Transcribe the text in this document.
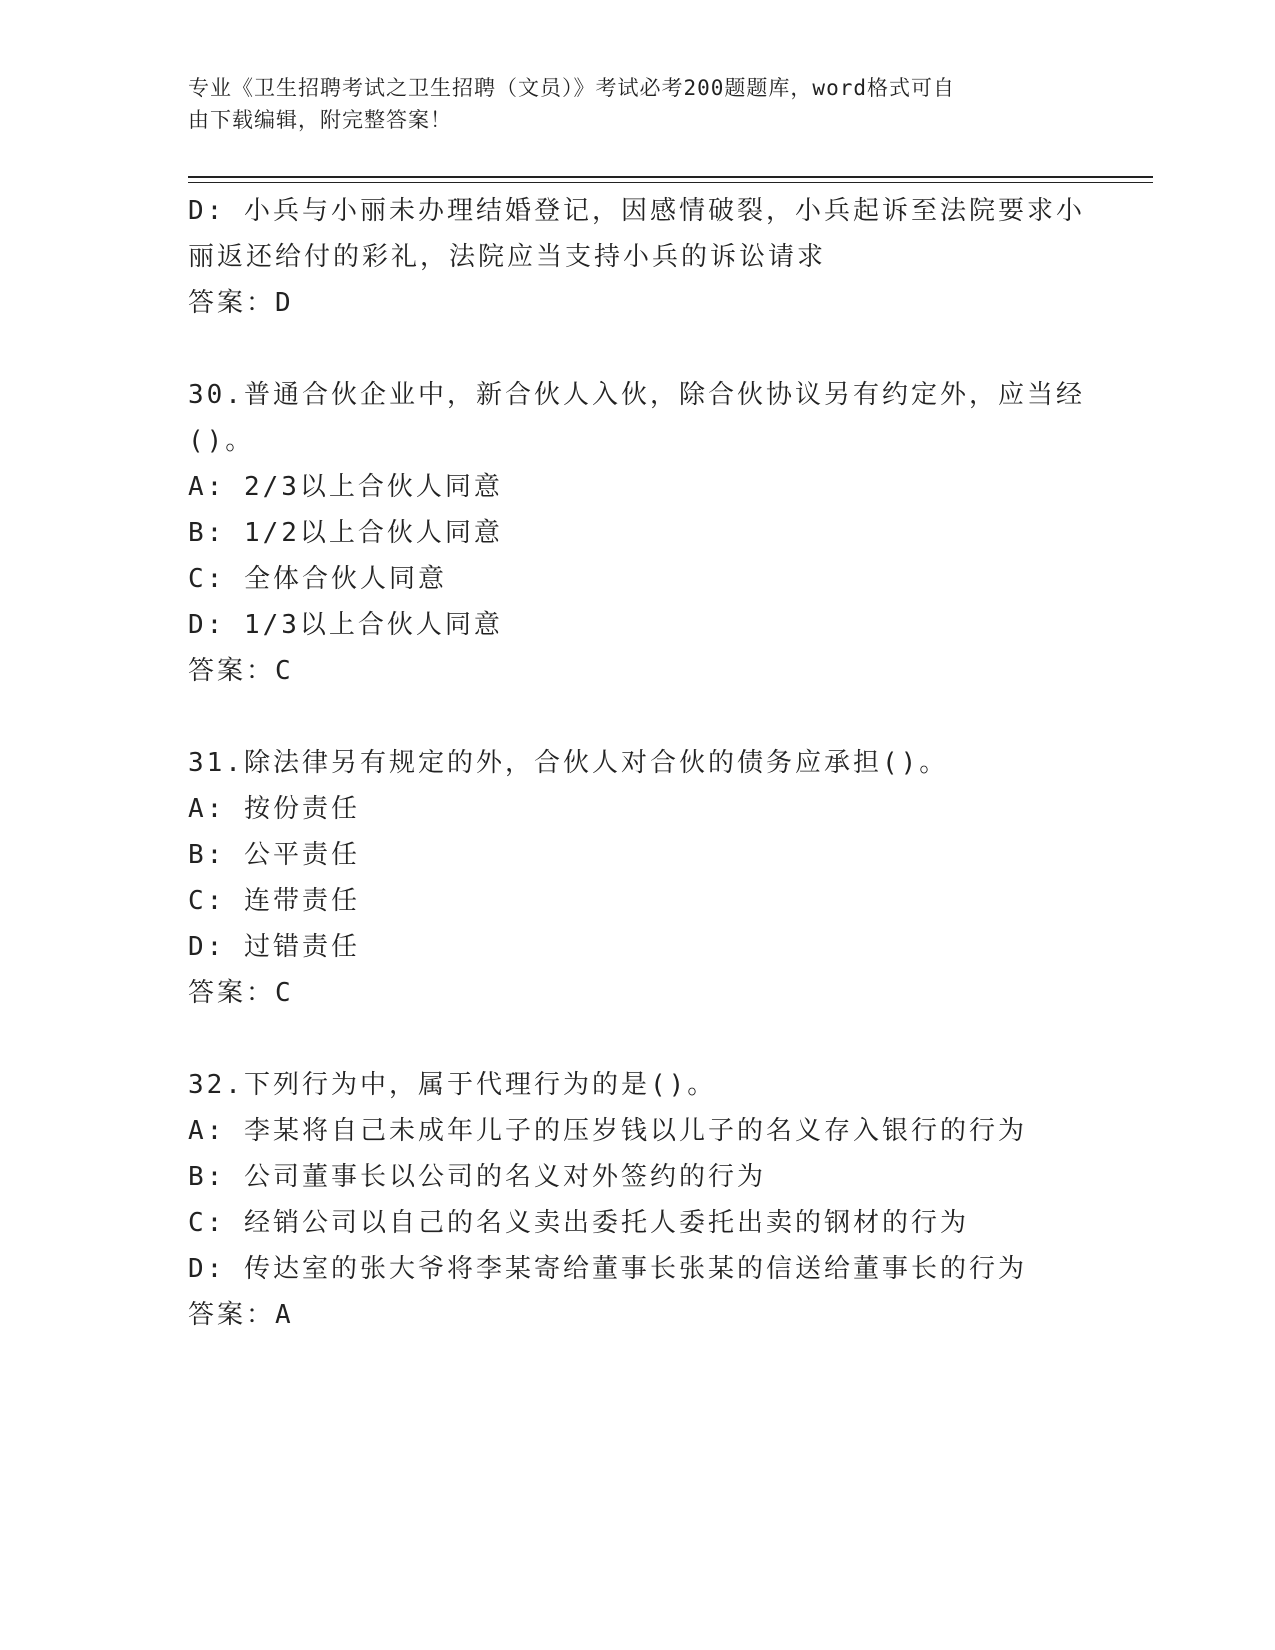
专业《卫生招聘考试之卫生招聘（文员）》考试必考200题题库，word格式可自
由下载编辑，附完整答案！
D: 小兵与小丽未办理结婚登记，因感情破裂，小兵起诉至法院要求小
丽返还给付的彩礼，法院应当支持小兵的诉讼请求
答案：D
30.普通合伙企业中，新合伙人入伙，除合伙协议另有约定外，应当经
()。
A: 2/3以上合伙人同意
B: 1/2以上合伙人同意
C: 全体合伙人同意
D: 1/3以上合伙人同意
答案：C
31.除法律另有规定的外，合伙人对合伙的债务应承担()。
A: 按份责任
B: 公平责任
C: 连带责任
D: 过错责任
答案：C
32.下列行为中，属于代理行为的是()。
A: 李某将自己未成年儿子的压岁钱以儿子的名义存入银行的行为
B: 公司董事长以公司的名义对外签约的行为
C: 经销公司以自己的名义卖出委托人委托出卖的钢材的行为
D: 传达室的张大爷将李某寄给董事长张某的信送给董事长的行为
答案：A
